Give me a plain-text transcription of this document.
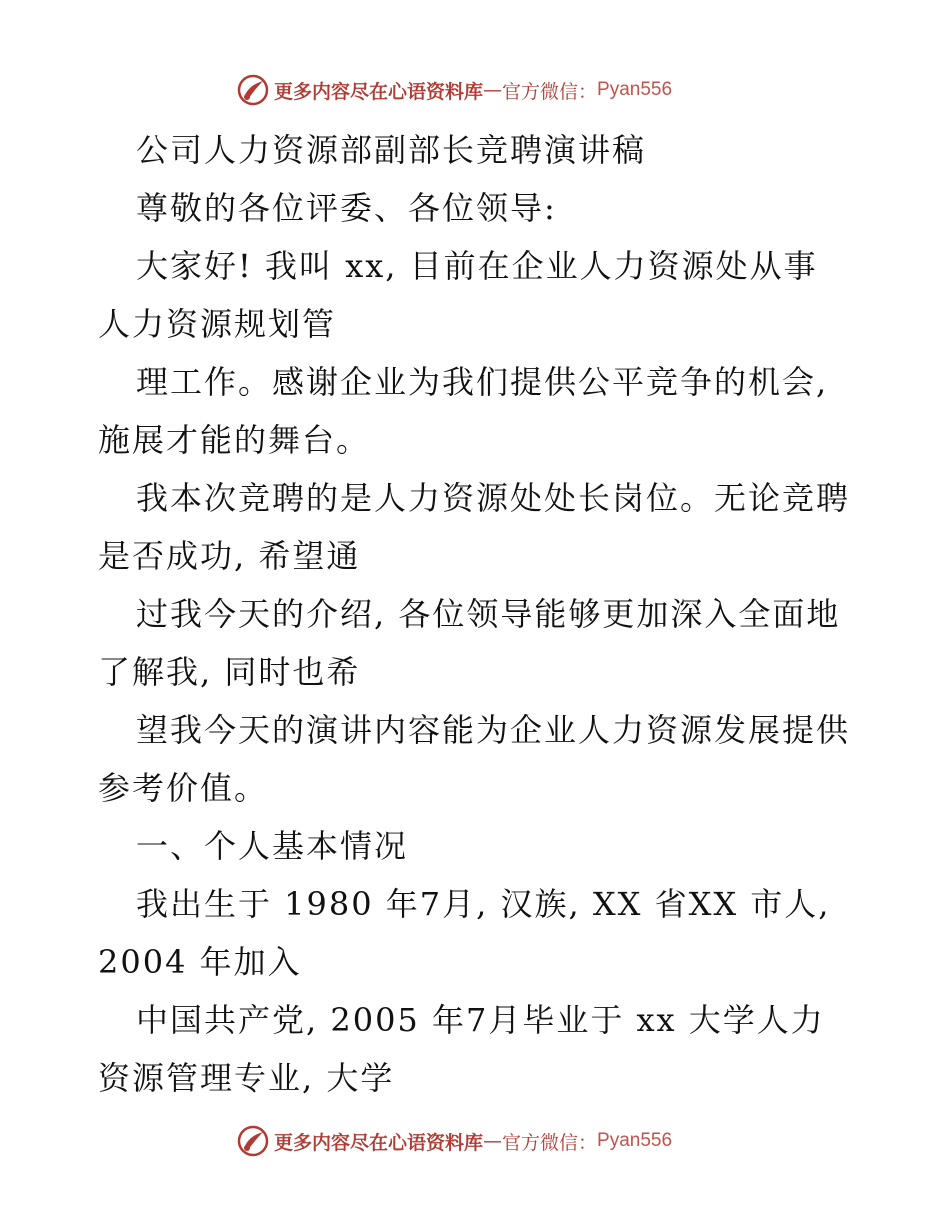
更多内容尽在心语资料库 — 官方微信： Pyan556
公司人力资源部副部长竞聘演讲稿
尊敬的各位评委、各位领导:
大家好! 我叫 xx, 目前在企业人力资源处从事
人力资源规划管
理工作。感谢企业为我们提供公平竞争的机会,
施展才能的舞台。
我本次竞聘的是人力资源处处长岗位。无论竞聘
是否成功, 希望通
过我今天的介绍, 各位领导能够更加深入全面地
了解我, 同时也希
望我今天的演讲内容能为企业人力资源发展提供
参考价值。
一、个人基本情况
我出生于 1980 年7月, 汉族, XX 省XX 市人,
2004 年加入
中国共产党, 2005 年7月毕业于 xx 大学人力
资源管理专业, 大学
更多内容尽在心语资料库 — 官方微信： Pyan556
